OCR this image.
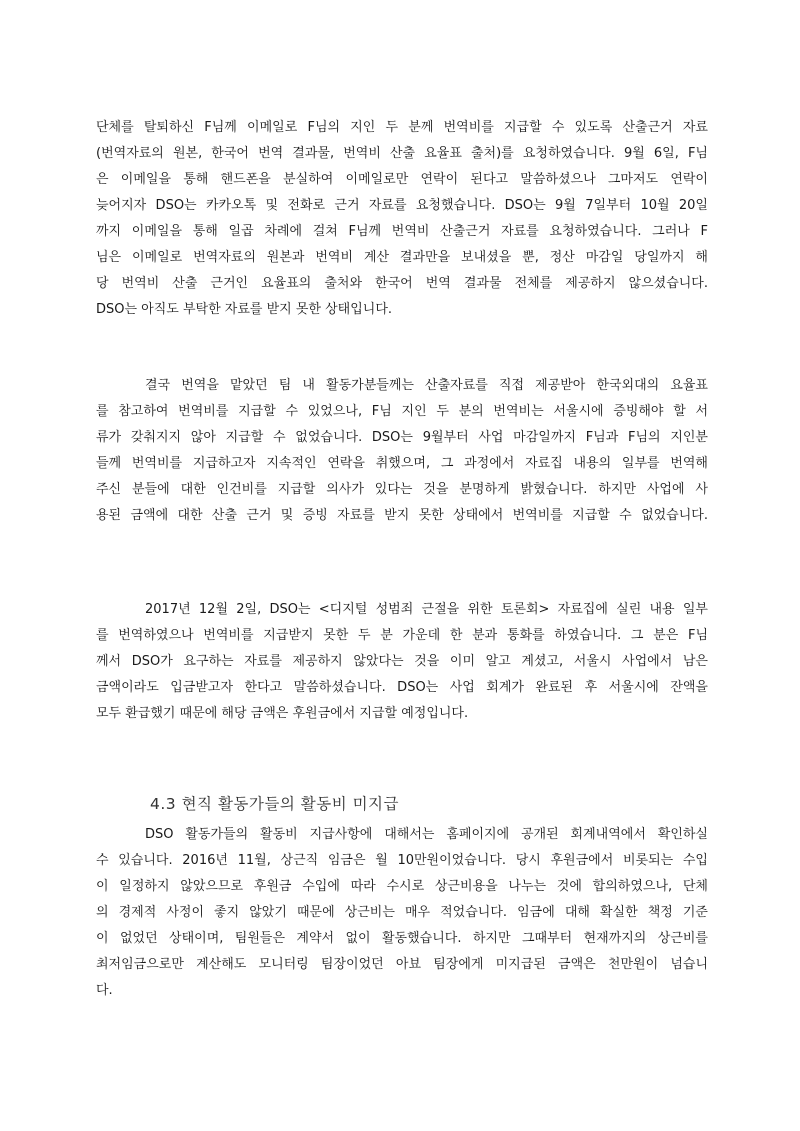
단체를 탈퇴하신 F님께 이메일로 F님의 지인 두 분께 번역비를 지급할 수 있도록 산출근거 자료
(번역자료의 원본, 한국어 번역 결과물, 번역비 산출 요율표 출처)를 요청하였습니다. 9월 6일, F님
은 이메일을 통해 핸드폰을 분실하여 이메일로만 연락이 된다고 말씀하셨으나 그마저도 연락이
늦어지자 DSO는 카카오톡 및 전화로 근거 자료를 요청했습니다. DSO는 9월 7일부터 10월 20일
까지 이메일을 통해 일곱 차례에 걸쳐 F님께 번역비 산출근거 자료를 요청하였습니다. 그러나 F
님은 이메일로 번역자료의 원본과 번역비 계산 결과만을 보내셨을 뿐, 정산 마감일 당일까지 해
당 번역비 산출 근거인 요율표의 출처와 한국어 번역 결과물 전체를 제공하지 않으셨습니다.
DSO는 아직도 부탁한 자료를 받지 못한 상태입니다.
결국 번역을 맡았던 팀 내 활동가분들께는 산출자료를 직접 제공받아 한국외대의 요율표
를 참고하여 번역비를 지급할 수 있었으나, F님 지인 두 분의 번역비는 서울시에 증빙해야 할 서
류가 갖춰지지 않아 지급할 수 없었습니다. DSO는 9월부터 사업 마감일까지 F님과 F님의 지인분
들께 번역비를 지급하고자 지속적인 연락을 취했으며, 그 과정에서 자료집 내용의 일부를 번역해
주신 분들에 대한 인건비를 지급할 의사가 있다는 것을 분명하게 밝혔습니다. 하지만 사업에 사
용된 금액에 대한 산출 근거 및 증빙 자료를 받지 못한 상태에서 번역비를 지급할 수 없었습니다.
2017년 12월 2일, DSO는 <디지털 성범죄 근절을 위한 토론회> 자료집에 실린 내용 일부
를 번역하였으나 번역비를 지급받지 못한 두 분 가운데 한 분과 통화를 하였습니다. 그 분은 F님
께서 DSO가 요구하는 자료를 제공하지 않았다는 것을 이미 알고 계셨고, 서울시 사업에서 남은
금액이라도 입금받고자 한다고 말씀하셨습니다. DSO는 사업 회계가 완료된 후 서울시에 잔액을
모두 환급했기 때문에 해당 금액은 후원금에서 지급할 예정입니다.
4.3 현직 활동가들의 활동비 미지급
DSO 활동가들의 활동비 지급사항에 대해서는 홈페이지에 공개된 회계내역에서 확인하실
수 있습니다. 2016년 11월, 상근직 임금은 월 10만원이었습니다. 당시 후원금에서 비롯되는 수입
이 일정하지 않았으므로 후원금 수입에 따라 수시로 상근비용을 나누는 것에 합의하였으나, 단체
의 경제적 사정이 좋지 않았기 때문에 상근비는 매우 적었습니다. 임금에 대해 확실한 책정 기준
이 없었던 상태이며, 팀원들은 계약서 없이 활동했습니다. 하지만 그때부터 현재까지의 상근비를
최저임금으로만 계산해도 모니터링 팀장이었던 아뵤 팀장에게 미지급된 금액은 천만원이 넘습니
다.
